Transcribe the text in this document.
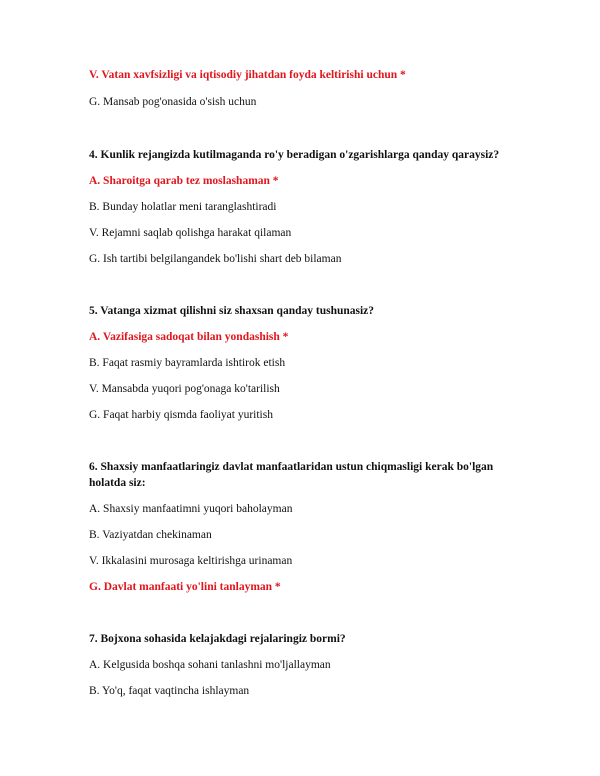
V. Vatan xavfsizligi va iqtisodiy jihatdan foyda keltirishi uchun *
G. Mansab pog'onasida o'sish uchun
4. Kunlik rejangizda kutilmaganda ro'y beradigan o'zgarishlarga qanday qaraysiz?
A. Sharoitga qarab tez moslashaman *
B. Bunday holatlar meni taranglashtiradi
V. Rejamni saqlab qolishga harakat qilaman
G. Ish tartibi belgilangandek bo'lishi shart deb bilaman
5. Vatanga xizmat qilishni siz shaxsan qanday tushunasiz?
A. Vazifasiga sadoqat bilan yondashish *
B. Faqat rasmiy bayramlarda ishtirok etish
V. Mansabda yuqori pog'onaga ko'tarilish
G. Faqat harbiy qismda faoliyat yuritish
6. Shaxsiy manfaatlaringiz davlat manfaatlaridan ustun chiqmasligi kerak bo'lgan
holatda siz:
A. Shaxsiy manfaatimni yuqori baholayman
B. Vaziyatdan chekinaman
V. Ikkalasini murosaga keltirishga urinaman
G. Davlat manfaati yo'lini tanlayman *
7. Bojxona sohasida kelajakdagi rejalaringiz bormi?
A. Kelgusida boshqa sohani tanlashni mo'ljallayman
B. Yo'q, faqat vaqtincha ishlayman
